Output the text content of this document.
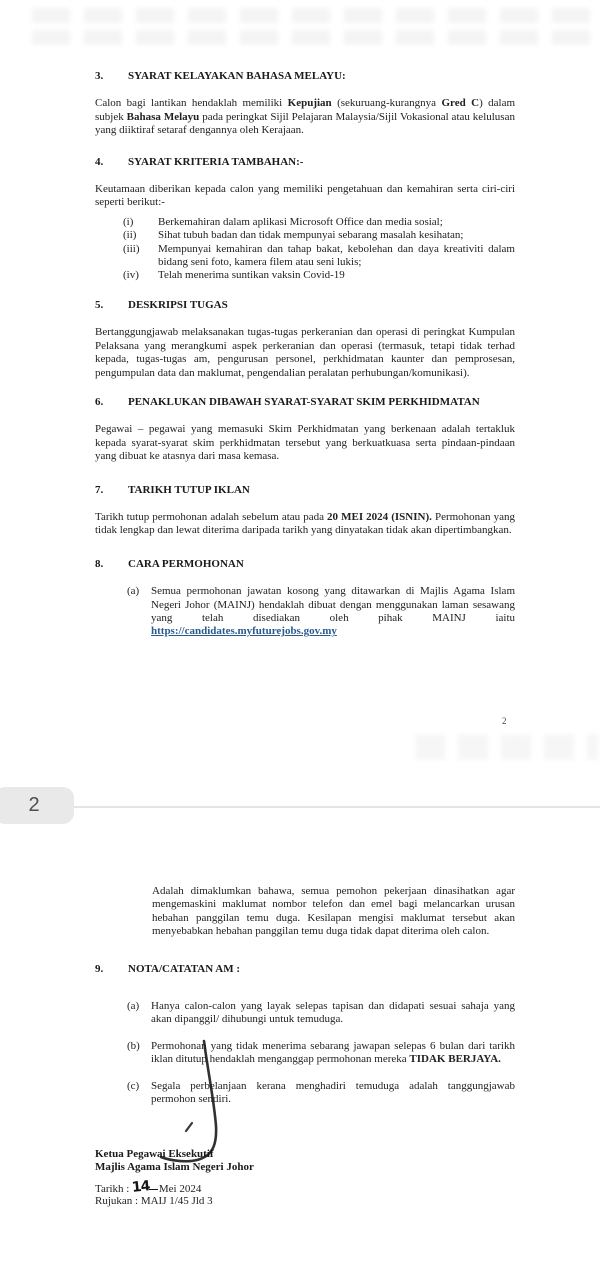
3.	SYARAT KELAYAKAN BAHASA MELAYU:
Calon bagi lantikan hendaklah memiliki Kepujian (sekuruang-kurangnya Gred C) dalam subjek Bahasa Melayu pada peringkat Sijil Pelajaran Malaysia/Sijil Vokasional atau kelulusan yang diiktiraf setaraf dengannya oleh Kerajaan.
4.	SYARAT KRITERIA TAMBAHAN:-
Keutamaan diberikan kepada calon yang memiliki pengetahuan dan kemahiran serta ciri-ciri seperti berikut:-
(i)	Berkemahiran dalam aplikasi Microsoft Office dan media sosial;
(ii)	Sihat tubuh badan dan tidak mempunyai sebarang masalah kesihatan;
(iii)	Mempunyai kemahiran dan tahap bakat, kebolehan dan daya kreativiti dalam bidang seni foto, kamera filem atau seni lukis;
(iv)	Telah menerima suntikan vaksin Covid-19
5.	DESKRIPSI TUGAS
Bertanggungjawab melaksanakan tugas-tugas perkeranian dan operasi di peringkat Kumpulan Pelaksana yang merangkumi aspek perkeranian dan operasi (termasuk, tetapi tidak terhad kepada, tugas-tugas am, pengurusan personel, perkhidmatan kaunter dan pemprosesan, pengumpulan data dan maklumat, pengendalian peralatan perhubungan/komunikasi).
6.	PENAKLUKAN DIBAWAH SYARAT-SYARAT SKIM PERKHIDMATAN
Pegawai – pegawai yang memasuki Skim Perkhidmatan yang berkenaan adalah tertakluk kepada syarat-syarat skim perkhidmatan tersebut yang berkuatkuasa serta pindaan-pindaan yang dibuat ke atasnya dari masa kemasa.
7.	TARIKH TUTUP IKLAN
Tarikh tutup permohonan adalah sebelum atau pada 20 MEI 2024 (ISNIN). Permohonan yang tidak lengkap dan lewat diterima daripada tarikh yang dinyatakan tidak akan dipertimbangkan.
8.	CARA PERMOHONAN
(a)	Semua permohonan jawatan kosong yang ditawarkan di Majlis Agama Islam Negeri Johor (MAINJ) hendaklah dibuat dengan menggunakan laman sesawang yang telah disediakan oleh pihak MAINJ iaitu https://candidates.myfuturejobs.gov.my
2
2
Adalah dimaklumkan bahawa, semua pemohon pekerjaan dinasihatkan agar mengemaskini maklumat nombor telefon dan emel bagi melancarkan urusan hebahan panggilan temu duga. Kesilapan mengisi maklumat tersebut akan menyebabkan hebahan panggilan temu duga tidak dapat diterima oleh calon.
9.	NOTA/CATATAN AM :
(a)	Hanya calon-calon yang layak selepas tapisan dan didapati sesuai sahaja yang akan dipanggil/ dihubungi untuk temuduga.
(b)	Permohonan yang tidak menerima sebarang jawapan selepas 6 bulan dari tarikh iklan ditutup hendaklah menganggap permohonan mereka TIDAK BERJAYA.
(c)	Segala perbelanjaan kerana menghadiri temuduga adalah tanggungjawab permohon sendiri.
Ketua Pegawai Eksekutif
Majlis Agama Islam Negeri Johor
Tarikh : 14 Mei 2024
Rujukan : MAIJ 1/45 Jld 3
